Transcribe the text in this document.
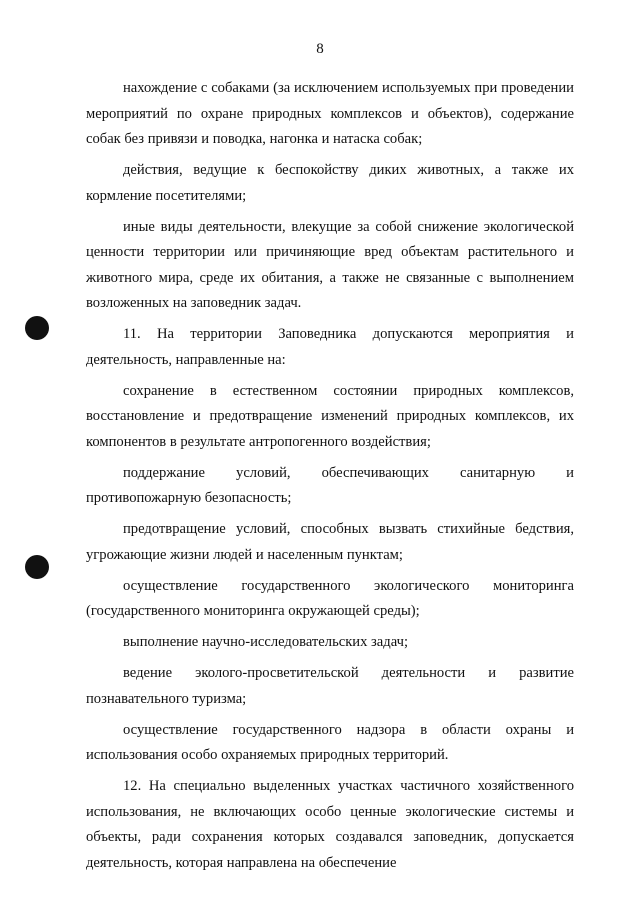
8

нахождение с собаками (за исключением используемых при проведении мероприятий по охране природных комплексов и объектов), содержание собак без привязи и поводка, нагонка и натаска собак;

действия, ведущие к беспокойству диких животных, а также их кормление посетителями;

иные виды деятельности, влекущие за собой снижение экологической ценности территории или причиняющие вред объектам растительного и животного мира, среде их обитания, а также не связанные с выполнением возложенных на заповедник задач.

11. На территории Заповедника допускаются мероприятия и деятельность, направленные на:

сохранение в естественном состоянии природных комплексов, восстановление и предотвращение изменений природных комплексов, их компонентов в результате антропогенного воздействия;

поддержание условий, обеспечивающих санитарную и противопожарную безопасность;

предотвращение условий, способных вызвать стихийные бедствия, угрожающие жизни людей и населенным пунктам;

осуществление государственного экологического мониторинга (государственного мониторинга окружающей среды);

выполнение научно-исследовательских задач;

ведение эколого-просветительской деятельности и развитие познавательного туризма;

осуществление государственного надзора в области охраны и использования особо охраняемых природных территорий.

12. На специально выделенных участках частичного хозяйственного использования, не включающих особо ценные экологические системы и объекты, ради сохранения которых создавался заповедник, допускается деятельность, которая направлена на обеспечение
